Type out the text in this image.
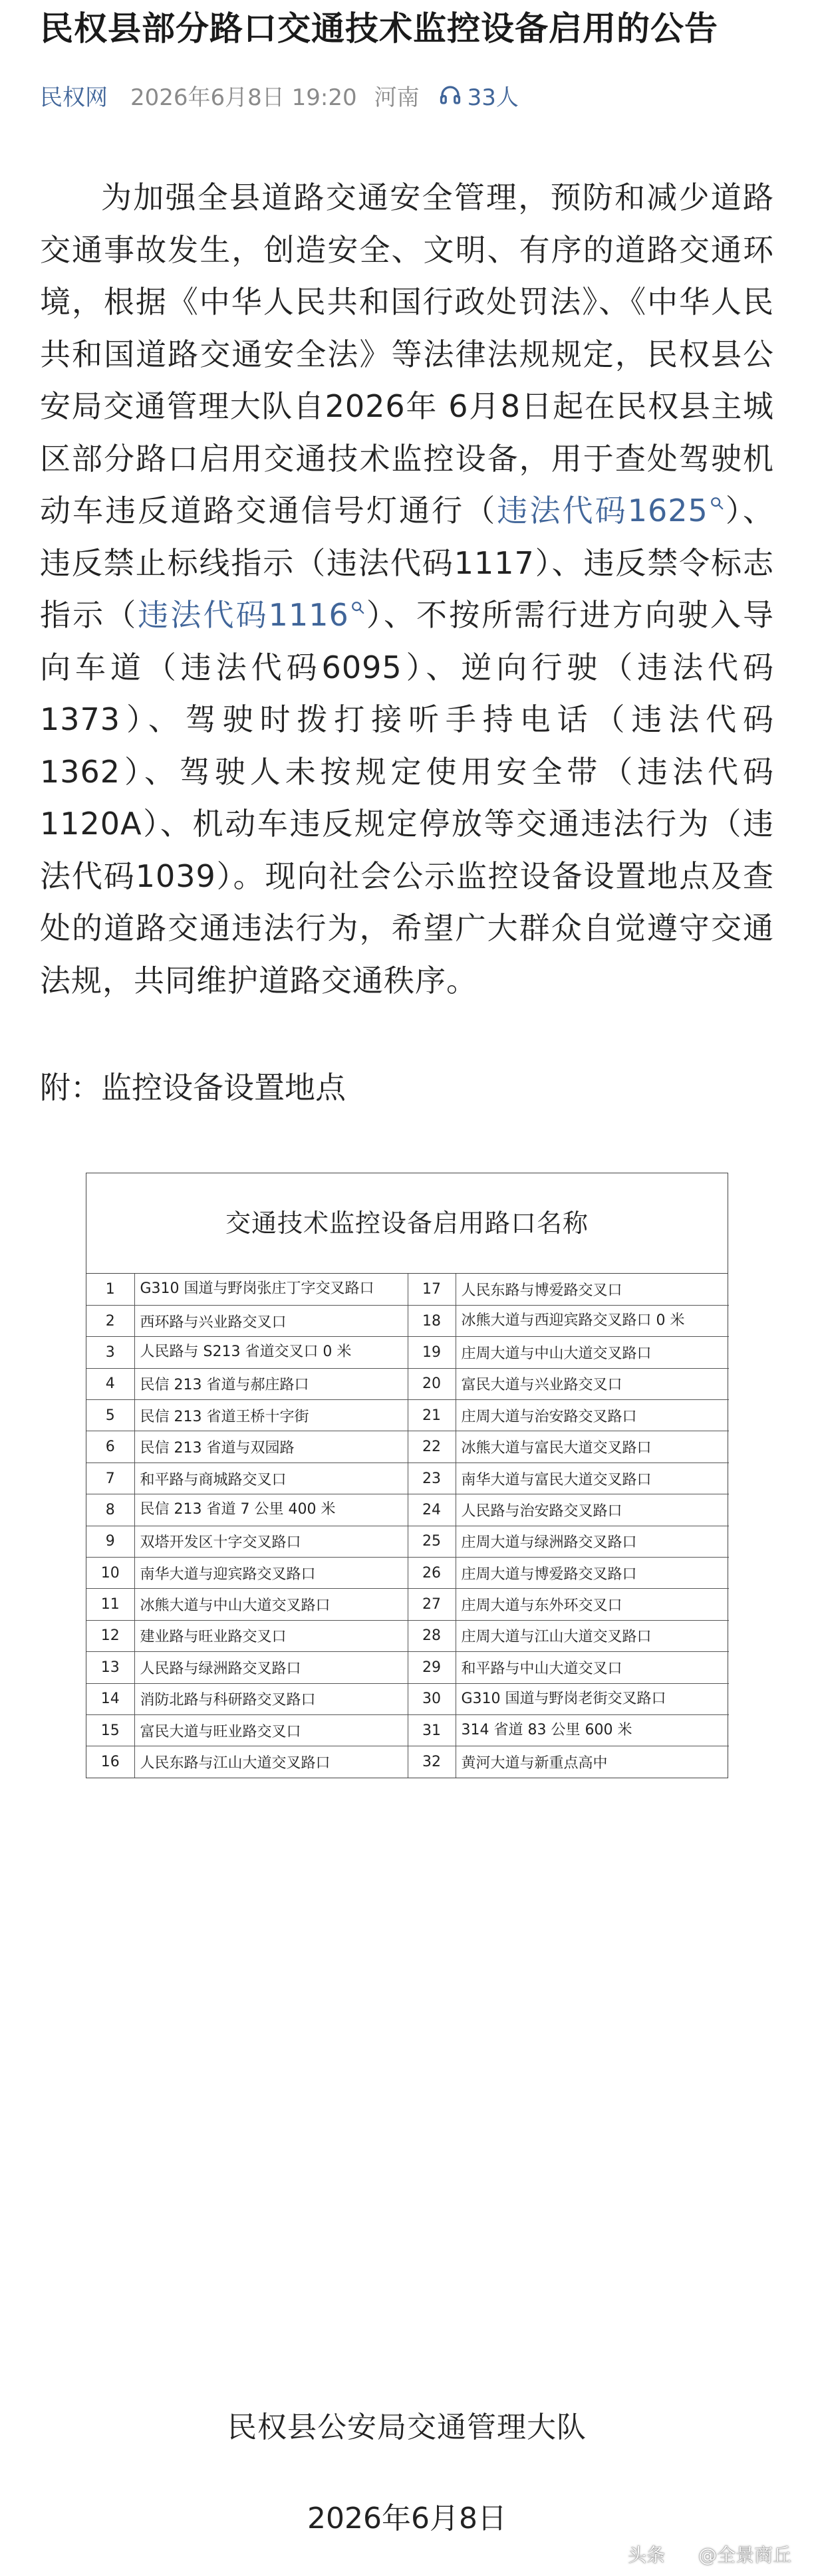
民权县部分路口交通技术监控设备启用的公告
民权网 2026年6月8日 19:20 河南 33人

为加强全县道路交通安全管理，预防和减少道路交通事故发生，创造安全、文明、有序的道路交通环境，根据《中华人民共和国行政处罚法》、《中华人民共和国道路交通安全法》等法律法规规定，民权县公安局交通管理大队自2026年 6月8日起在民权县主城区部分路口启用交通技术监控设备，用于查处驾驶机动车违反道路交通信号灯通行（违法代码1625 ）、违反禁止标线指示（违法代码1117）、违反禁令标志指示（违法代码1116 ）、不按所需行进方向驶入导向车道（违法代码6095）、逆向行驶（违法代码1373）、驾驶时拨打接听手持电话（违法代码1362）、驾驶人未按规定使用安全带（违法代码1120A）、机动车违反规定停放等交通违法行为（违法代码1039）。现向社会公示监控设备设置地点及查处的道路交通违法行为，希望广大群众自觉遵守交通法规，共同维护道路交通秩序。

附：监控设备设置地点
交通技术监控设备启用路口名称
1	G310 国道与野岗张庄丁字交叉路口	17	人民东路与博爱路交叉口
2	西环路与兴业路交叉口	18	冰熊大道与西迎宾路交叉路口 0 米
3	人民路与 S213 省道交叉口 0 米	19	庄周大道与中山大道交叉路口
4	民信 213 省道与郝庄路口	20	富民大道与兴业路交叉口
5	民信 213 省道王桥十字街	21	庄周大道与治安路交叉路口
6	民信 213 省道与双园路	22	冰熊大道与富民大道交叉路口
7	和平路与商城路交叉口	23	南华大道与富民大道交叉路口
8	民信 213 省道 7 公里 400 米	24	人民路与治安路交叉路口
9	双塔开发区十字交叉路口	25	庄周大道与绿洲路交叉路口
10	南华大道与迎宾路交叉路口	26	庄周大道与博爱路交叉路口
11	冰熊大道与中山大道交叉路口	27	庄周大道与东外环交叉口
12	建业路与旺业路交叉口	28	庄周大道与江山大道交叉路口
13	人民路与绿洲路交叉路口	29	和平路与中山大道交叉口
14	消防北路与科研路交叉路口	30	G310 国道与野岗老街交叉路口
15	富民大道与旺业路交叉口	31	314 省道 83 公里 600 米
16	人民东路与江山大道交叉路口	32	黄河大道与新重点高中
民权县公安局交通管理大队
2026年6月8日
头条 @全景商丘
